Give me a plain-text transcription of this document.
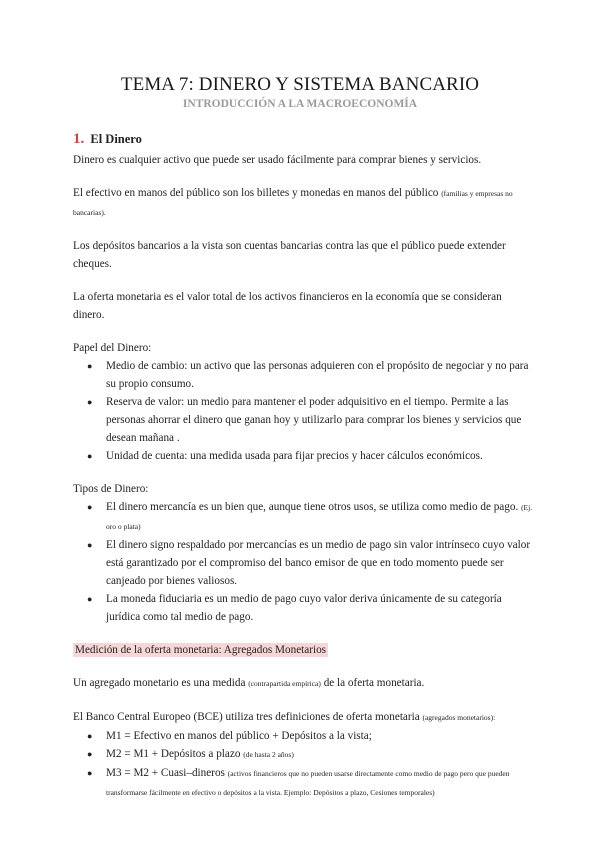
TEMA 7: DINERO Y SISTEMA BANCARIO
INTRODUCCIÓN A LA MACROECONOMÍA
1. El Dinero

Dinero es cualquier activo que puede ser usado fácilmente para comprar bienes y servicios.

El efectivo en manos del público son los billetes y monedas en manos del público (familias y empresas no bancarias).

Los depósitos bancarios a la vista son cuentas bancarias contra las que el público puede extender cheques.

La oferta monetaria es el valor total de los activos financieros en la economía que se consideran dinero.

Papel del Dinero:

● Medio de cambio: un activo que las personas adquieren con el propósito de negociar y no para su propio consumo.
● Reserva de valor: un medio para mantener el poder adquisitivo en el tiempo. Permite a las personas ahorrar el dinero que ganan hoy y utilizarlo para comprar los bienes y servicios que desean mañana .
● Unidad de cuenta: una medida usada para fijar precios y hacer cálculos económicos.

Tipos de Dinero:

● El dinero mercancía es un bien que, aunque tiene otros usos, se utiliza como medio de pago. (Ej. oro o plata)
● El dinero signo respaldado por mercancías es un medio de pago sin valor intrínseco cuyo valor está garantizado por el compromiso del banco emisor de que en todo momento puede ser canjeado por bienes valiosos.
● La moneda fiduciaria es un medio de pago cuyo valor deriva únicamente de su categoría jurídica como tal medio de pago.

Medición de la oferta monetaria: Agregados Monetarios

Un agregado monetario es una medida (contrapartida empírica) de la oferta monetaria.

El Banco Central Europeo (BCE) utiliza tres definiciones de oferta monetaria (agregados monetarios):

● M1 = Efectivo en manos del público + Depósitos a la vista;
● M2 = M1 + Depósitos a plazo (de hasta 2 años)
● M3 = M2 + Cuasi–dineros (activos financieros que no pueden usarse directamente como medio de pago pero que pueden transformarse fácilmente en efectivo o depósitos a la vista. Ejemplo: Depósitos a plazo, Cesiones temporales)
